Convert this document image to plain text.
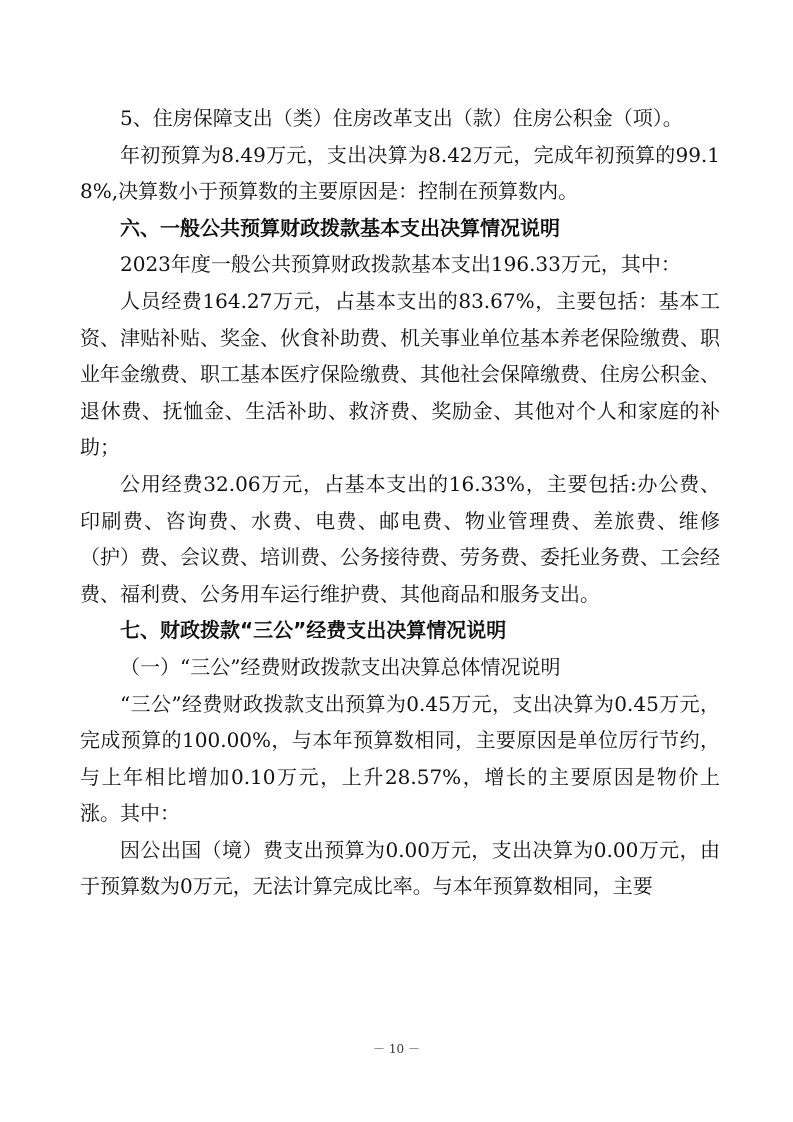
5、住房保障支出（类）住房改革支出（款）住房公积金（项）。

年初预算为8.49万元，支出决算为8.42万元，完成年初预算的99.18%,决算数小于预算数的主要原因是：控制在预算数内。

六、一般公共预算财政拨款基本支出决算情况说明

2023年度一般公共预算财政拨款基本支出196.33万元，其中：

人员经费164.27万元，占基本支出的83.67%，主要包括：基本工资、津贴补贴、奖金、伙食补助费、机关事业单位基本养老保险缴费、职业年金缴费、职工基本医疗保险缴费、其他社会保障缴费、住房公积金、退休费、抚恤金、生活补助、救济费、奖励金、其他对个人和家庭的补助；

公用经费32.06万元，占基本支出的16.33%，主要包括:办公费、印刷费、咨询费、水费、电费、邮电费、物业管理费、差旅费、维修（护）费、会议费、培训费、公务接待费、劳务费、委托业务费、工会经费、福利费、公务用车运行维护费、其他商品和服务支出。

七、财政拨款“三公”经费支出决算情况说明

（一）“三公”经费财政拨款支出决算总体情况说明

“三公”经费财政拨款支出预算为0.45万元，支出决算为0.45万元，完成预算的100.00%，与本年预算数相同，主要原因是单位厉行节约，与上年相比增加0.10万元，上升28.57%，增长的主要原因是物价上涨。其中：

因公出国（境）费支出预算为0.00万元，支出决算为0.00万元，由于预算数为0万元，无法计算完成比率。与本年预算数相同，主要

－ 10 －
